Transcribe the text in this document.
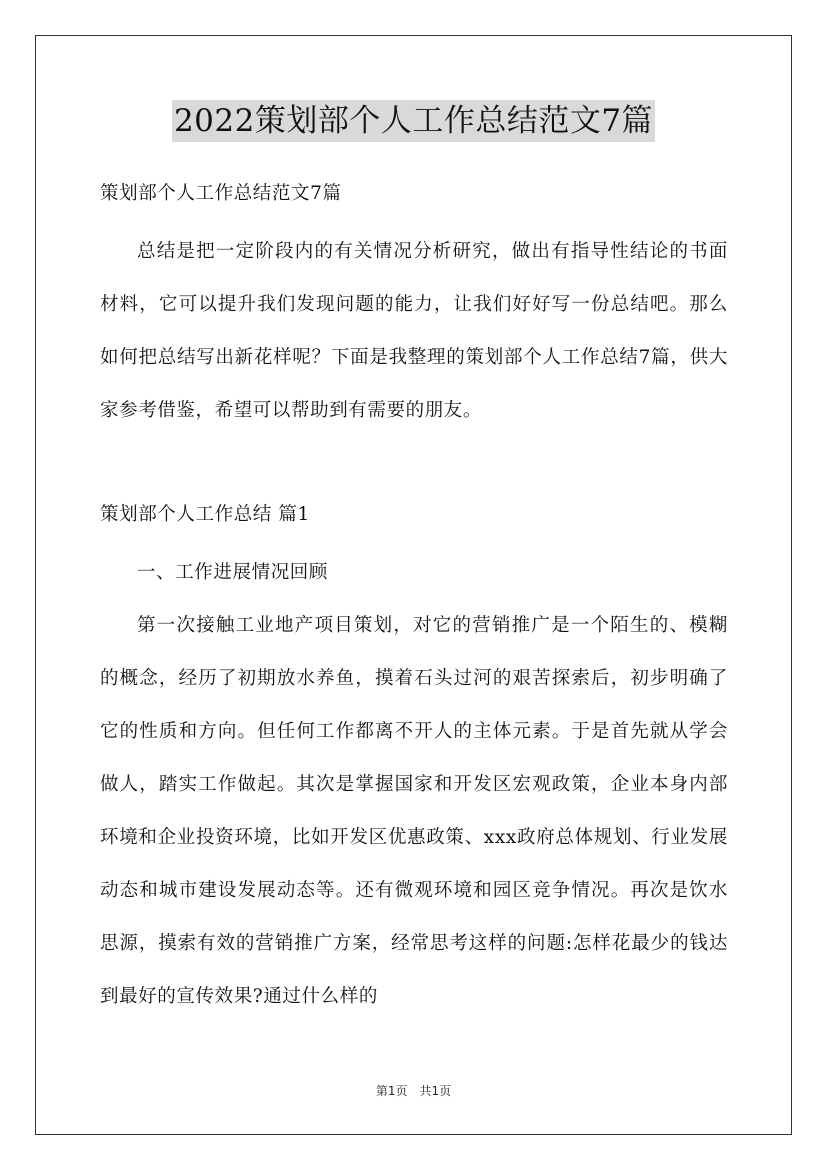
2022策划部个人工作总结范文7篇
策划部个人工作总结范文7篇

总结是把一定阶段内的有关情况分析研究，做出有指导性结论的书面材料，它可以提升我们发现问题的能力，让我们好好写一份总结吧。那么如何把总结写出新花样呢？下面是我整理的策划部个人工作总结7篇，供大家参考借鉴，希望可以帮助到有需要的朋友。

策划部个人工作总结 篇1

一、工作进展情况回顾

第一次接触工业地产项目策划，对它的营销推广是一个陌生的、模糊的概念，经历了初期放水养鱼，摸着石头过河的艰苦探索后，初步明确了它的性质和方向。但任何工作都离不开人的主体元素。于是首先就从学会做人，踏实工作做起。其次是掌握国家和开发区宏观政策，企业本身内部环境和企业投资环境，比如开发区优惠政策、xxx政府总体规划、行业发展动态和城市建设发展动态等。还有微观环境和园区竞争情况。再次是饮水思源，摸索有效的营销推广方案，经常思考这样的问题:怎样花最少的钱达到最好的宣传效果?通过什么样的

第1页　共1页
